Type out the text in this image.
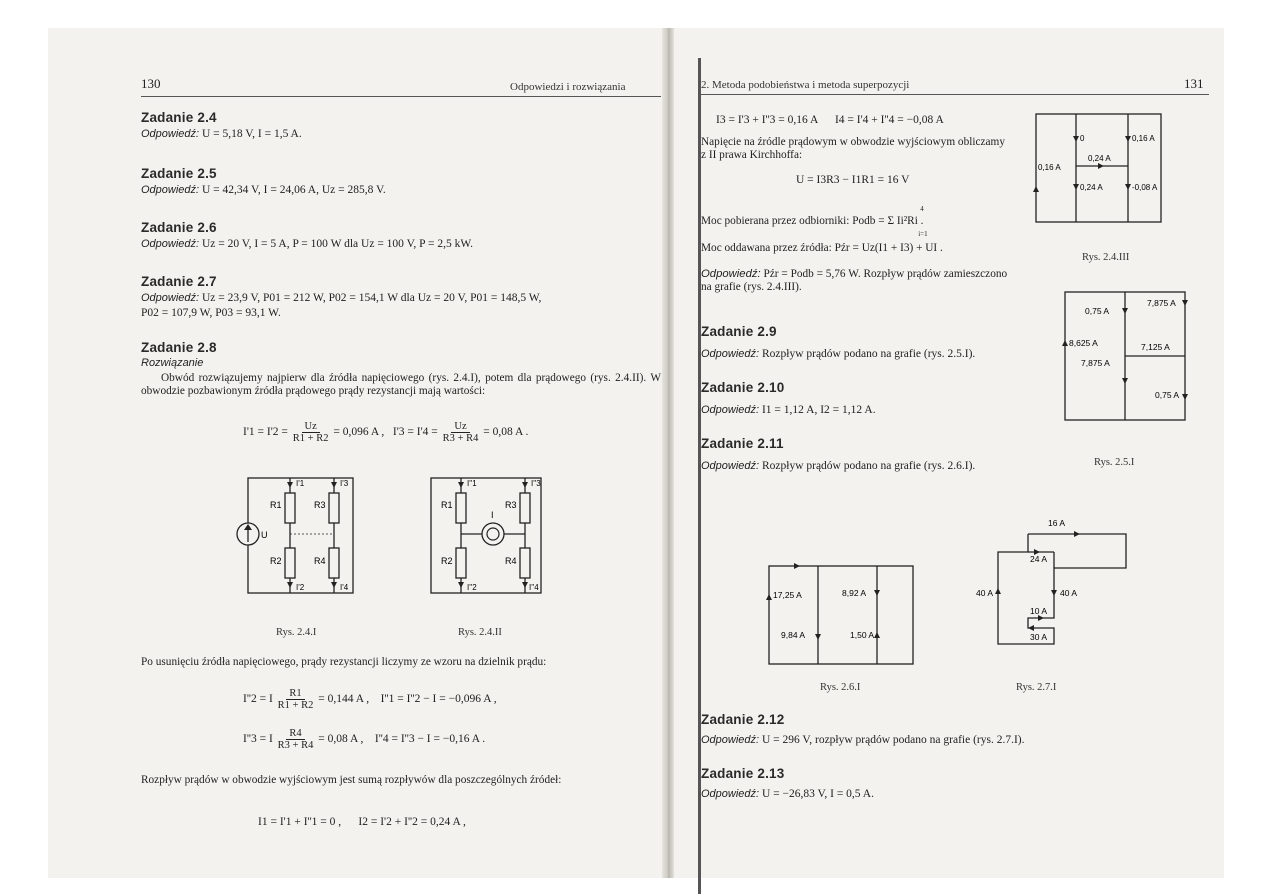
130	Odpowiedzi i rozwiązania
Zadanie 2.4
Odpowiedź: U = 5,18 V, I = 1,5 A.
Zadanie 2.5
Odpowiedź: U = 42,34 V, I = 24,06 A, Uz = 285,8 V.
Zadanie 2.6
Odpowiedź: Uz = 20 V, I = 5 A, P = 100 W dla Uz = 100 V, P = 2,5 kW.
Zadanie 2.7
Odpowiedź: Uz = 23,9 V, P01 = 212 W, P02 = 154,1 W dla Uz = 20 V, P01 = 148,5 W,
P02 = 107,9 W, P03 = 93,1 W.
Zadanie 2.8
Rozwiązanie
Obwód rozwiązujemy najpierw dla źródła napięciowego (rys. 2.4.I), potem dla prądowego (rys. 2.4.II). W obwodzie pozbawionym źródła prądowego prądy rezystancji mają wartości:
$I'1 = I'2 = \frac{Uz}{R1 + R2} = 0,096$ A , $I'3 = I'4 = \frac{Uz}{R3 + R4} = 0,08$ A .
R1
R2
R3
R4
U
I'1	I'3
I'2	I'4
Rys. 2.4.I
R1
R2
R3
R4
I
I''1	I''3
I''2	I''4
Rys. 2.4.II
Po usunięciu źródła napięciowego, prądy rezystancji liczymy ze wzoru na dzielnik prądu:
I''2 = I $\frac{R1}{R1 + R2} = 0,144$ A , I''1 = I''2 − I = −0,096 A ,
I''3 = I $\frac{R4}{R3 + R4} = 0,08$ A , I''4 = I''3 − I = −0,16 A .
Rozpływ prądów w obwodzie wyjściowym jest sumą rozpływów dla poszczególnych źródeł:
I1 = I'1 + I''1 = 0 ,      I2 = I'2 + I''2 = 0,24 A ,
2. Metoda podobieństwa i metoda superpozycji	131
I3 = I'3 + I''3 = 0,16 A      I4 = I'4 + I''4 = −0,08 A
Napięcie na źródle prądowym w obwodzie wyjściowym obliczamy z II prawa Kirchhoffa:
U = I3R3 − I1R1 = 16 V
Moc pobierana przez odbiorniki:
4
i=1
Podb = Σ Ii²Ri .
Moc oddawana przez źródła: Pźr = Uz(I1 + I3) + UI .
Odpowiedź: Pźr = Podb = 5,76 W. Rozpływ prądów zamieszczono na grafie (rys. 2.4.III).
Zadanie 2.9
Odpowiedź: Rozpływ prądów podano na grafie (rys. 2.5.I).
Zadanie 2.10
Odpowiedź: I1 = 1,12 A, I2 = 1,12 A.
Zadanie 2.11
Odpowiedź: Rozpływ prądów podano na grafie (rys. 2.6.I).
0	0,16 A
0,16 A
0,24 A
0,24 A	-0,08 A
Rys. 2.4.III
7,875 A
0,75 A
8,625 A	7,125 A
7,875 A
0,75 A
Rys. 2.5.I
17,25 A	8,92 A
9,84 A	1,50 A
Rys. 2.6.I
16 A
24 A
40 A	40 A
10 A
30 A
Rys. 2.7.I
Zadanie 2.12
Odpowiedź: U = 296 V, rozpływ prądów podano na grafie (rys. 2.7.I).
Zadanie 2.13
Odpowiedź: U = −26,83 V, I = 0,5 A.
